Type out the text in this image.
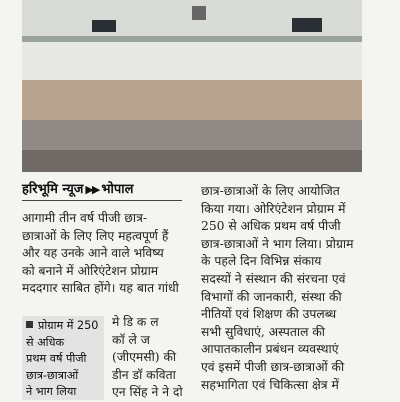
हरिभूमि न्यूज ▶▶ भोपाल

आगामी तीन वर्ष पीजी छात्र-

छात्राओं के लिए लिए महत्वपूर्ण हैं

और यह उनके आने वाले भविष्य

को बनाने में ओरिएंटेशन प्रोग्राम

मददगार साबित होंगे। यह बात गांधी

प्रोग्राम में 250
से अधिक
प्रथम वर्ष पीजी
छात्र-छात्राओं
ने भाग लिया

मे डि क ल

कॉ ले ज

(जीएमसी) की

डीन डॉ कविता

एन सिंह ने ने दो

छात्र-छात्राओं के लिए आयोजित

किया गया। ओरिएंटेशन प्रोग्राम में

250 से अधिक प्रथम वर्ष पीजी

छात्र-छात्राओं ने भाग लिया। प्रोग्राम

के पहले दिन विभिन्न संकाय

सदस्यों ने संस्थान की संरचना एवं

विभागों की जानकारी, संस्था की

नीतियों एवं शिक्षण की उपलब्ध

सभी सुविधाएं, अस्पताल की

आपातकालीन प्रबंधन व्यवस्थाएं

एवं इसमें पीजी छात्र-छात्राओं की

सहभागिता एवं चिकित्सा क्षेत्र में
